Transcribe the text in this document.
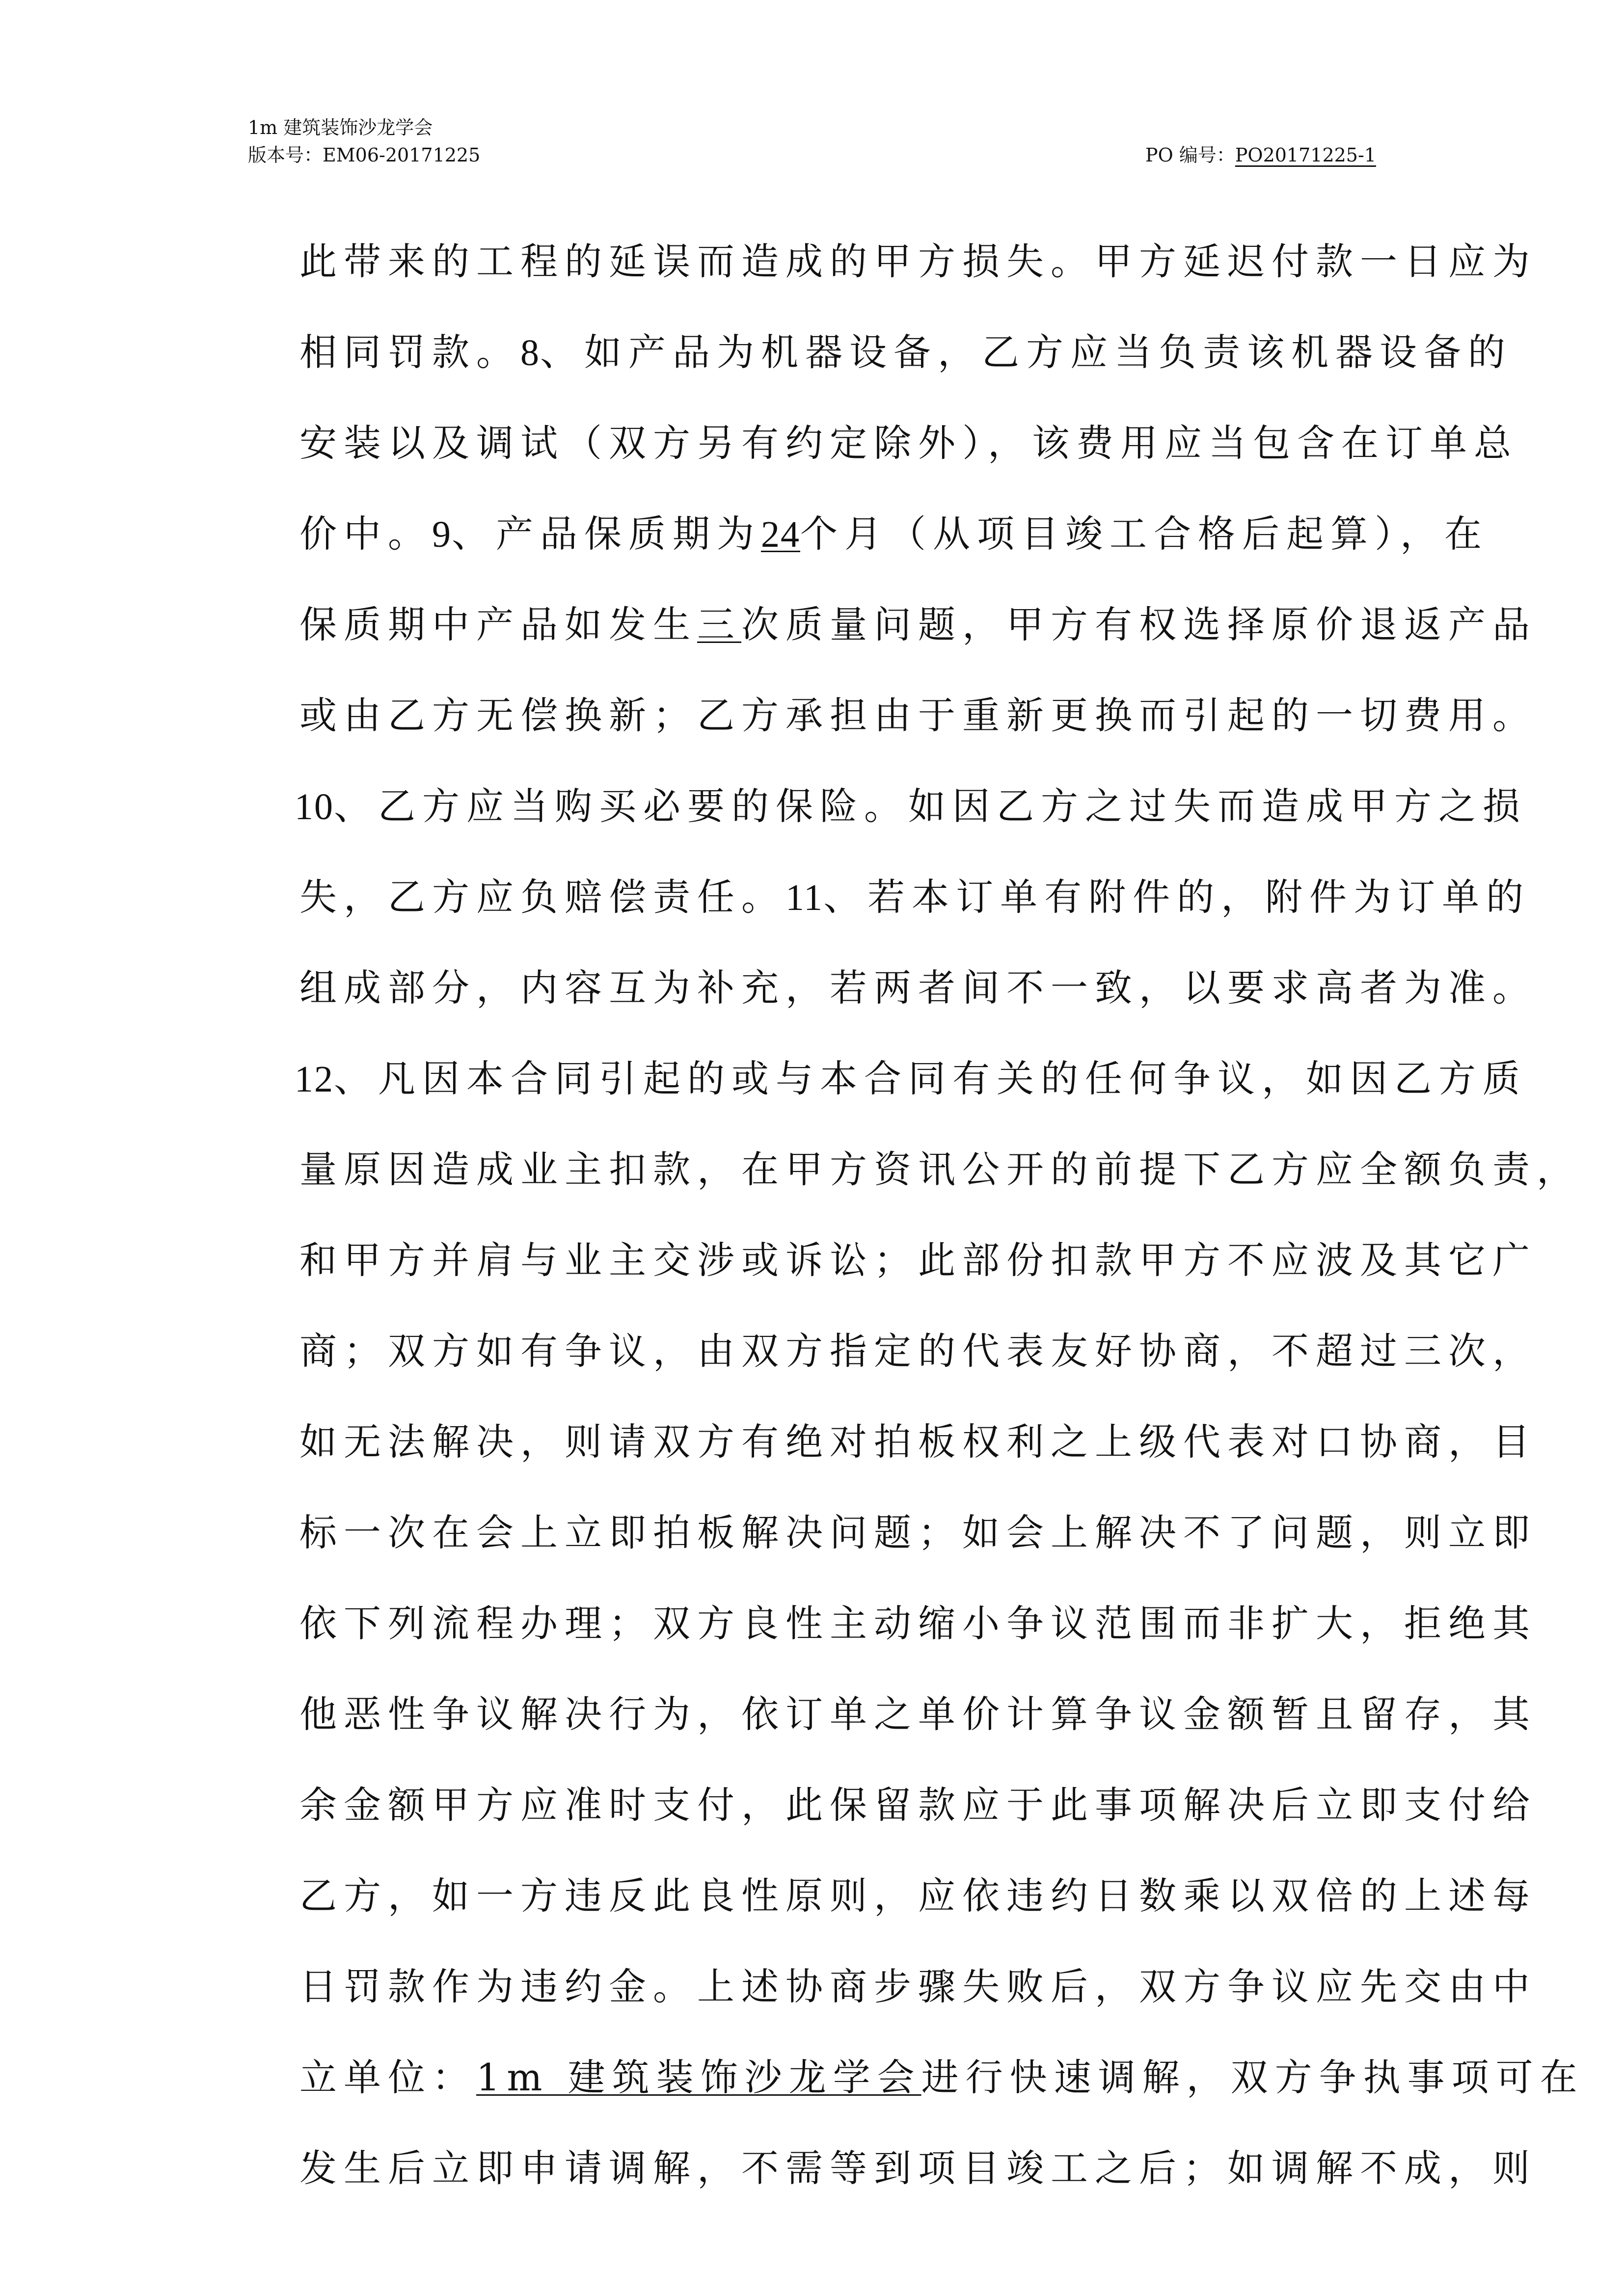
1m 建筑装饰沙龙学会
版本号：EM06-20171225	PO 编号：PO20171225-1
此带来的工程的延误而造成的甲方损失。甲方延迟付款一日应为
相同罚款。8、如产品为机器设备，乙方应当负责该机器设备的
安装以及调试（双方另有约定除外），该费用应当包含在订单总
价中。9、产品保质期为24个月（从项目竣工合格后起算），在
保质期中产品如发生三次质量问题，甲方有权选择原价退返产品
或由乙方无偿换新；乙方承担由于重新更换而引起的一切费用。
10、乙方应当购买必要的保险。如因乙方之过失而造成甲方之损
失，乙方应负赔偿责任。11、若本订单有附件的，附件为订单的
组成部分，内容互为补充，若两者间不一致，以要求高者为准。
12、凡因本合同引起的或与本合同有关的任何争议，如因乙方质
量原因造成业主扣款，在甲方资讯公开的前提下乙方应全额负责，
和甲方并肩与业主交涉或诉讼；此部份扣款甲方不应波及其它广
商；双方如有争议，由双方指定的代表友好协商，不超过三次，
如无法解决，则请双方有绝对拍板权利之上级代表对口协商，目
标一次在会上立即拍板解决问题；如会上解决不了问题，则立即
依下列流程办理；双方良性主动缩小争议范围而非扩大，拒绝其
他恶性争议解决行为，依订单之单价计算争议金额暂且留存，其
余金额甲方应准时支付，此保留款应于此事项解决后立即支付给
乙方，如一方违反此良性原则，应依违约日数乘以双倍的上述每
日罚款作为违约金。上述协商步骤失败后，双方争议应先交由中
立单位：1m 建筑装饰沙龙学会进行快速调解，双方争执事项可在
发生后立即申请调解，不需等到项目竣工之后；如调解不成，则
